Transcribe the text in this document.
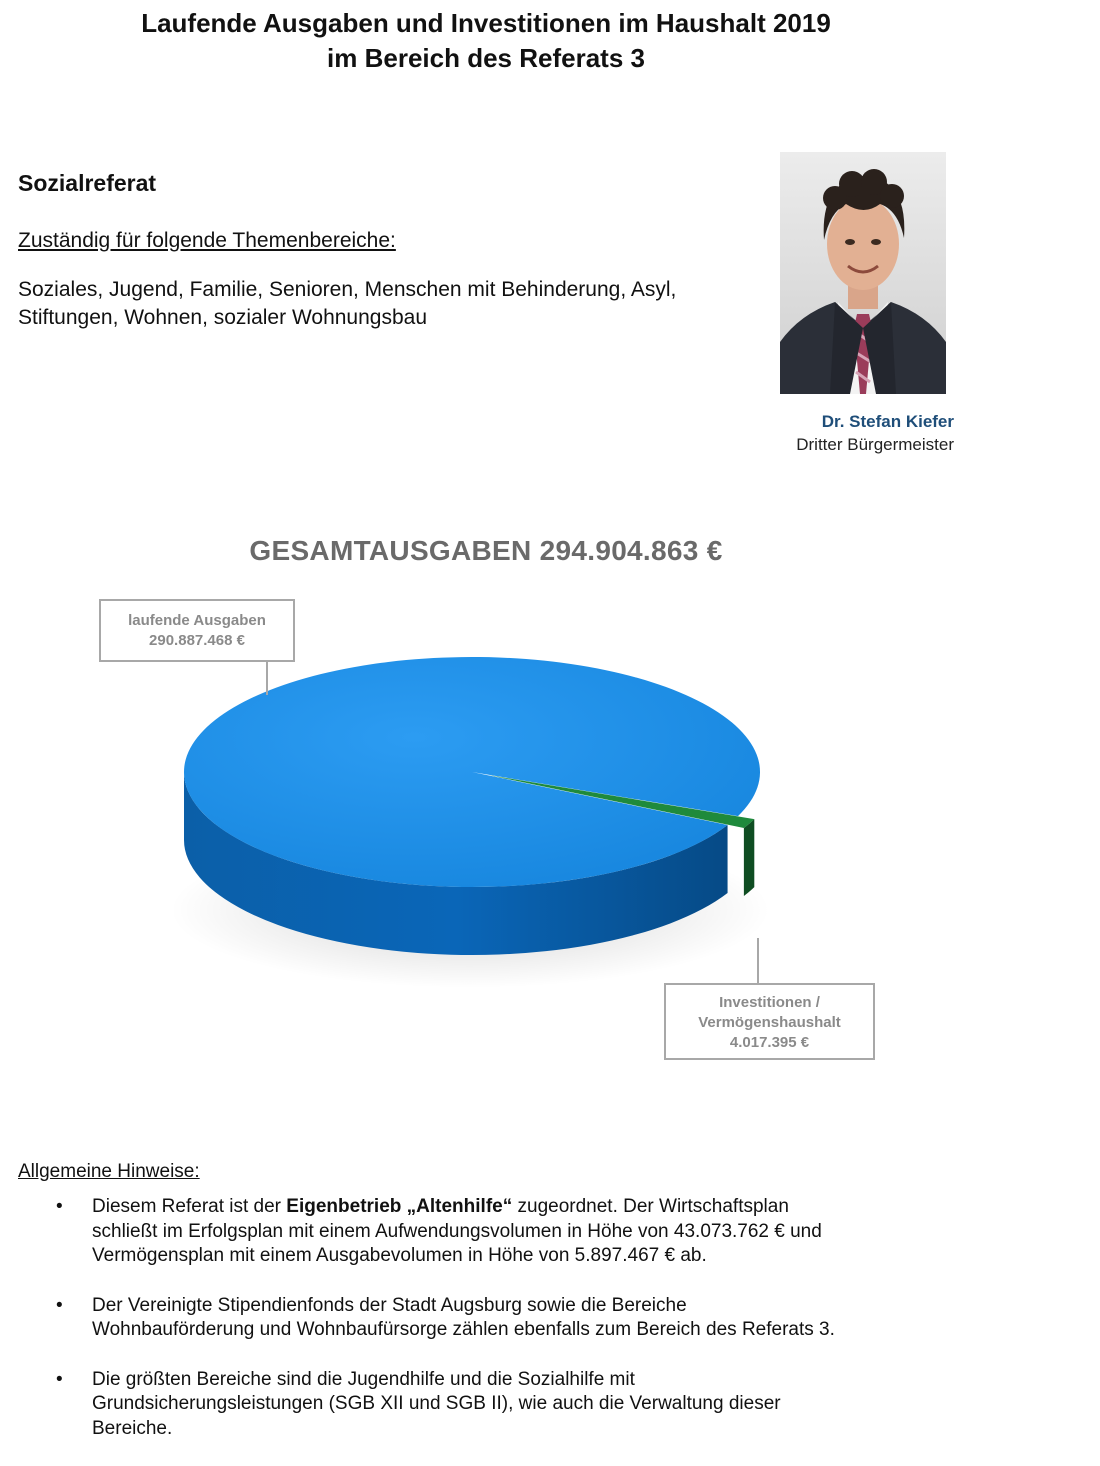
Laufende Ausgaben und Investitionen im Haushalt 2019
im Bereich des Referats 3
Sozialreferat
Zuständig für folgende Themenbereiche:
Soziales, Jugend, Familie, Senioren, Menschen mit Behinderung, Asyl,
Stiftungen, Wohnen, sozialer Wohnungsbau
Dr. Stefan Kiefer
Dritter Bürgermeister
GESAMTAUSGABEN 294.904.863 €
laufende Ausgaben
290.887.468 €
Investitionen /
Vermögenshaushalt
4.017.395 €
Allgemeine Hinweise:
• Diesem Referat ist der Eigenbetrieb „Altenhilfe“ zugeordnet. Der Wirtschaftsplan
schließt im Erfolgsplan mit einem Aufwendungsvolumen in Höhe von 43.073.762 € und
Vermögensplan mit einem Ausgabevolumen in Höhe von 5.897.467 € ab.
• Der Vereinigte Stipendienfonds der Stadt Augsburg sowie die Bereiche
Wohnbauförderung und Wohnbaufürsorge zählen ebenfalls zum Bereich des Referats 3.
• Die größten Bereiche sind die Jugendhilfe und die Sozialhilfe mit
Grundsicherungsleistungen (SGB XII und SGB II), wie auch die Verwaltung dieser
Bereiche.
